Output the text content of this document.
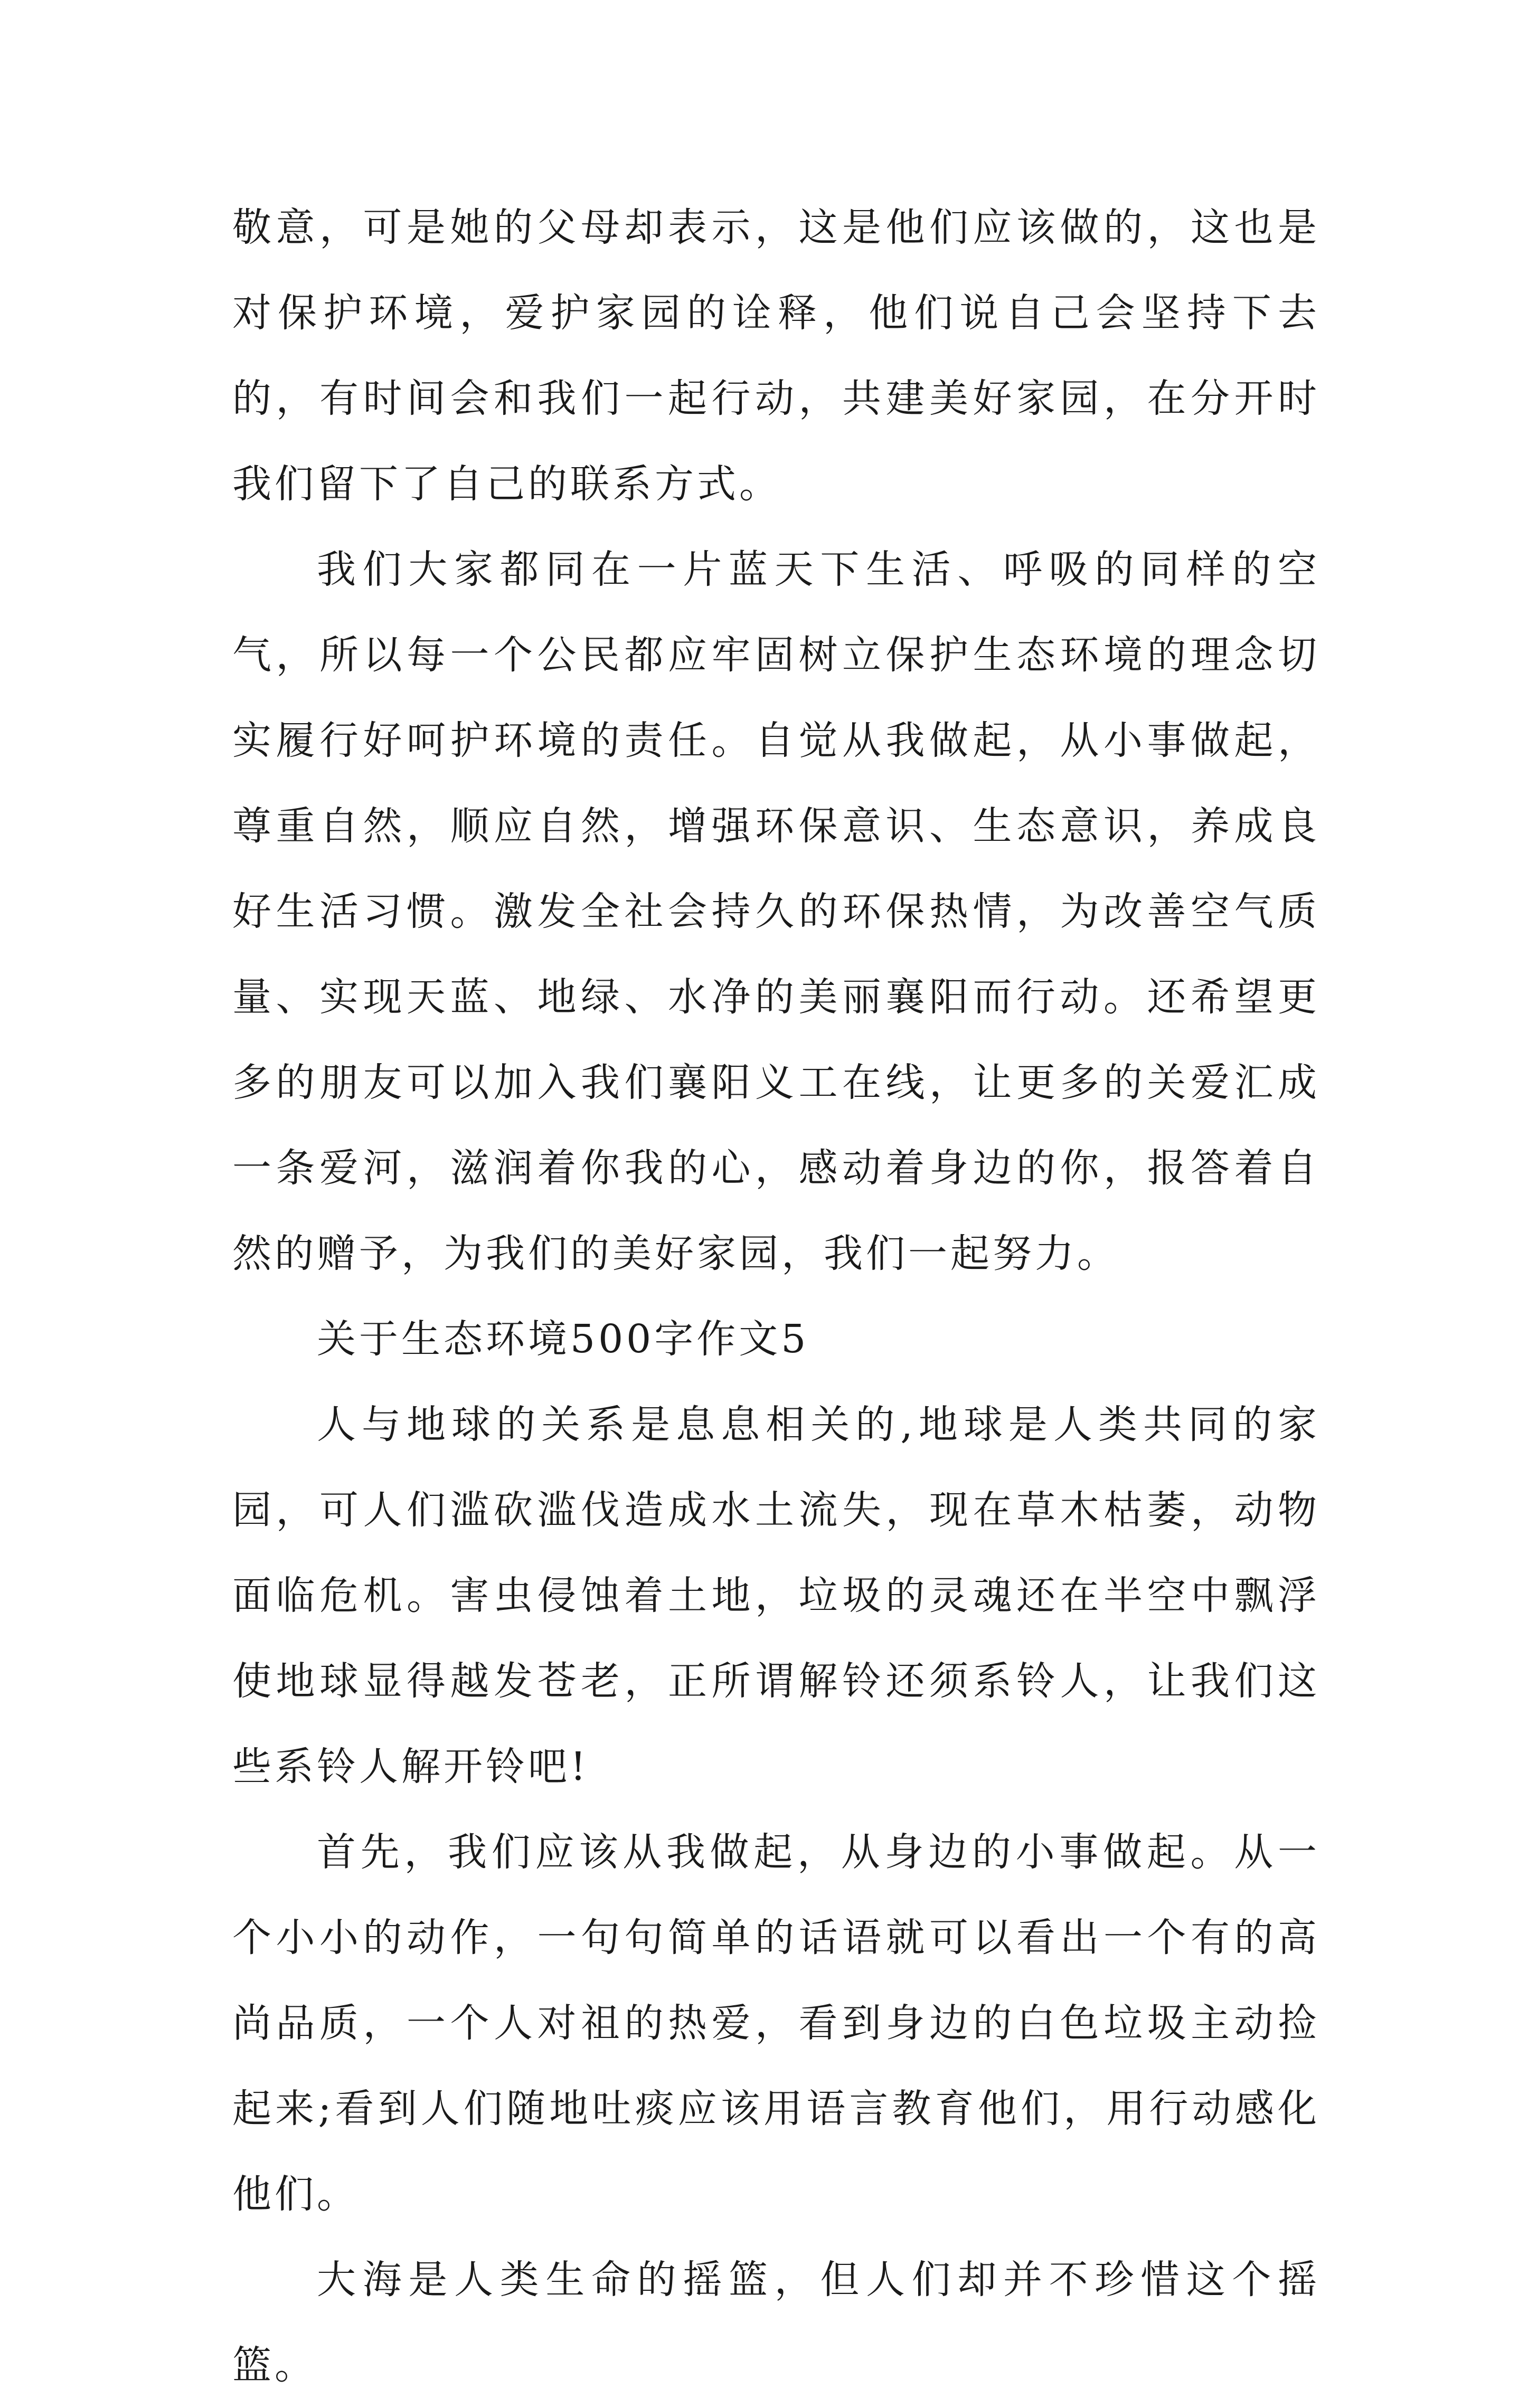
敬意，可是她的父母却表示，这是他们应该做的，这也是对保护环境，爱护家园的诠释，他们说自己会坚持下去的，有时间会和我们一起行动，共建美好家园，在分开时我们留下了自己的联系方式。

我们大家都同在一片蓝天下生活、呼吸的同样的空气，所以每一个公民都应牢固树立保护生态环境的理念切实履行好呵护环境的责任。自觉从我做起，从小事做起，尊重自然，顺应自然，增强环保意识、生态意识，养成良好生活习惯。激发全社会持久的环保热情，为改善空气质量、实现天蓝、地绿、水净的美丽襄阳而行动。还希望更多的朋友可以加入我们襄阳义工在线，让更多的关爱汇成一条爱河，滋润着你我的心，感动着身边的你，报答着自然的赠予，为我们的美好家园，我们一起努力。

关于生态环境500字作文5

人与地球的关系是息息相关的,地球是人类共同的家园，可人们滥砍滥伐造成水土流失，现在草木枯萎，动物面临危机。害虫侵蚀着土地，垃圾的灵魂还在半空中飘浮使地球显得越发苍老，正所谓解铃还须系铃人，让我们这些系铃人解开铃吧!

首先，我们应该从我做起，从身边的小事做起。从一个小小的动作，一句句简单的话语就可以看出一个有的高尚品质，一个人对祖的热爱，看到身边的白色垃圾主动捡起来;看到人们随地吐痰应该用语言教育他们，用行动感化他们。

大海是人类生命的摇篮，但人们却并不珍惜这个摇篮。
